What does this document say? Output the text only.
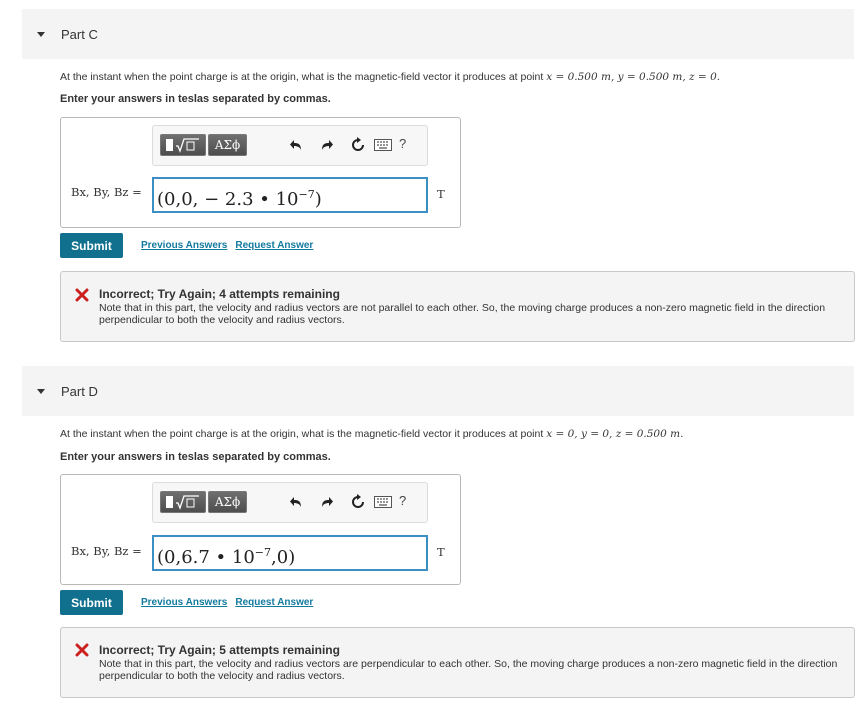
Part C
At the instant when the point charge is at the origin, what is the magnetic-field vector it produces at point x = 0.500 m, y = 0.500 m, z = 0.
Enter your answers in teslas separated by commas.
ΑΣϕ	?
Bx, By, Bz = (0,0, − 2.3 • $10^{-7}$)	T
Submit	Previous Answers Request Answer
Incorrect; Try Again; 4 attempts remaining
Note that in this part, the velocity and radius vectors are not parallel to each other. So, the moving charge produces a non-zero magnetic field in the direction perpendicular to both the velocity and radius vectors.
Part D
At the instant when the point charge is at the origin, what is the magnetic-field vector it produces at point x = 0, y = 0, z = 0.500 m.
Enter your answers in teslas separated by commas.
ΑΣϕ	?
Bx, By, Bz = (0,6.7 • $10^{-7},0$)	T
Submit	Previous Answers Request Answer
Incorrect; Try Again; 5 attempts remaining
Note that in this part, the velocity and radius vectors are perpendicular to each other. So, the moving charge produces a non-zero magnetic field in the direction perpendicular to both the velocity and radius vectors.
